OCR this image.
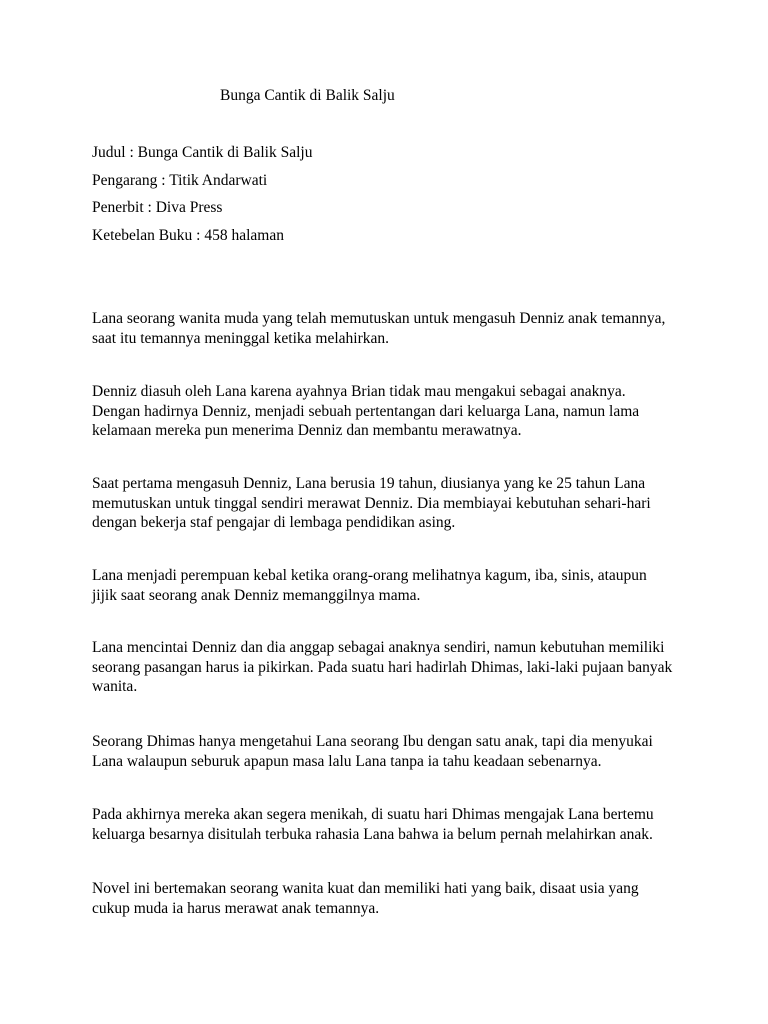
Bunga Cantik di Balik Salju

Judul : Bunga Cantik di Balik Salju

Pengarang : Titik Andarwati

Penerbit : Diva Press

Ketebelan Buku : 458 halaman

Lana seorang wanita muda yang telah memutuskan untuk mengasuh Denniz anak temannya,
saat itu temannya meninggal ketika melahirkan.
Denniz diasuh oleh Lana karena ayahnya Brian tidak mau mengakui sebagai anaknya.
Dengan hadirnya Denniz, menjadi sebuah pertentangan dari keluarga Lana, namun lama
kelamaan mereka pun menerima Denniz dan membantu merawatnya.
Saat pertama mengasuh Denniz, Lana berusia 19 tahun, diusianya yang ke 25 tahun Lana
memutuskan untuk tinggal sendiri merawat Denniz. Dia membiayai kebutuhan sehari-hari
dengan bekerja staf pengajar di lembaga pendidikan asing.
Lana menjadi perempuan kebal ketika orang-orang melihatnya kagum, iba, sinis, ataupun
jijik saat seorang anak Denniz memanggilnya mama.
Lana mencintai Denniz dan dia anggap sebagai anaknya sendiri, namun kebutuhan memiliki
seorang pasangan harus ia pikirkan. Pada suatu hari hadirlah Dhimas, laki-laki pujaan banyak
wanita.
Seorang Dhimas hanya mengetahui Lana seorang Ibu dengan satu anak, tapi dia menyukai
Lana walaupun seburuk apapun masa lalu Lana tanpa ia tahu keadaan sebenarnya.
Pada akhirnya mereka akan segera menikah, di suatu hari Dhimas mengajak Lana bertemu
keluarga besarnya disitulah terbuka rahasia Lana bahwa ia belum pernah melahirkan anak.
Novel ini bertemakan seorang wanita kuat dan memiliki hati yang baik, disaat usia yang
cukup muda ia harus merawat anak temannya.
